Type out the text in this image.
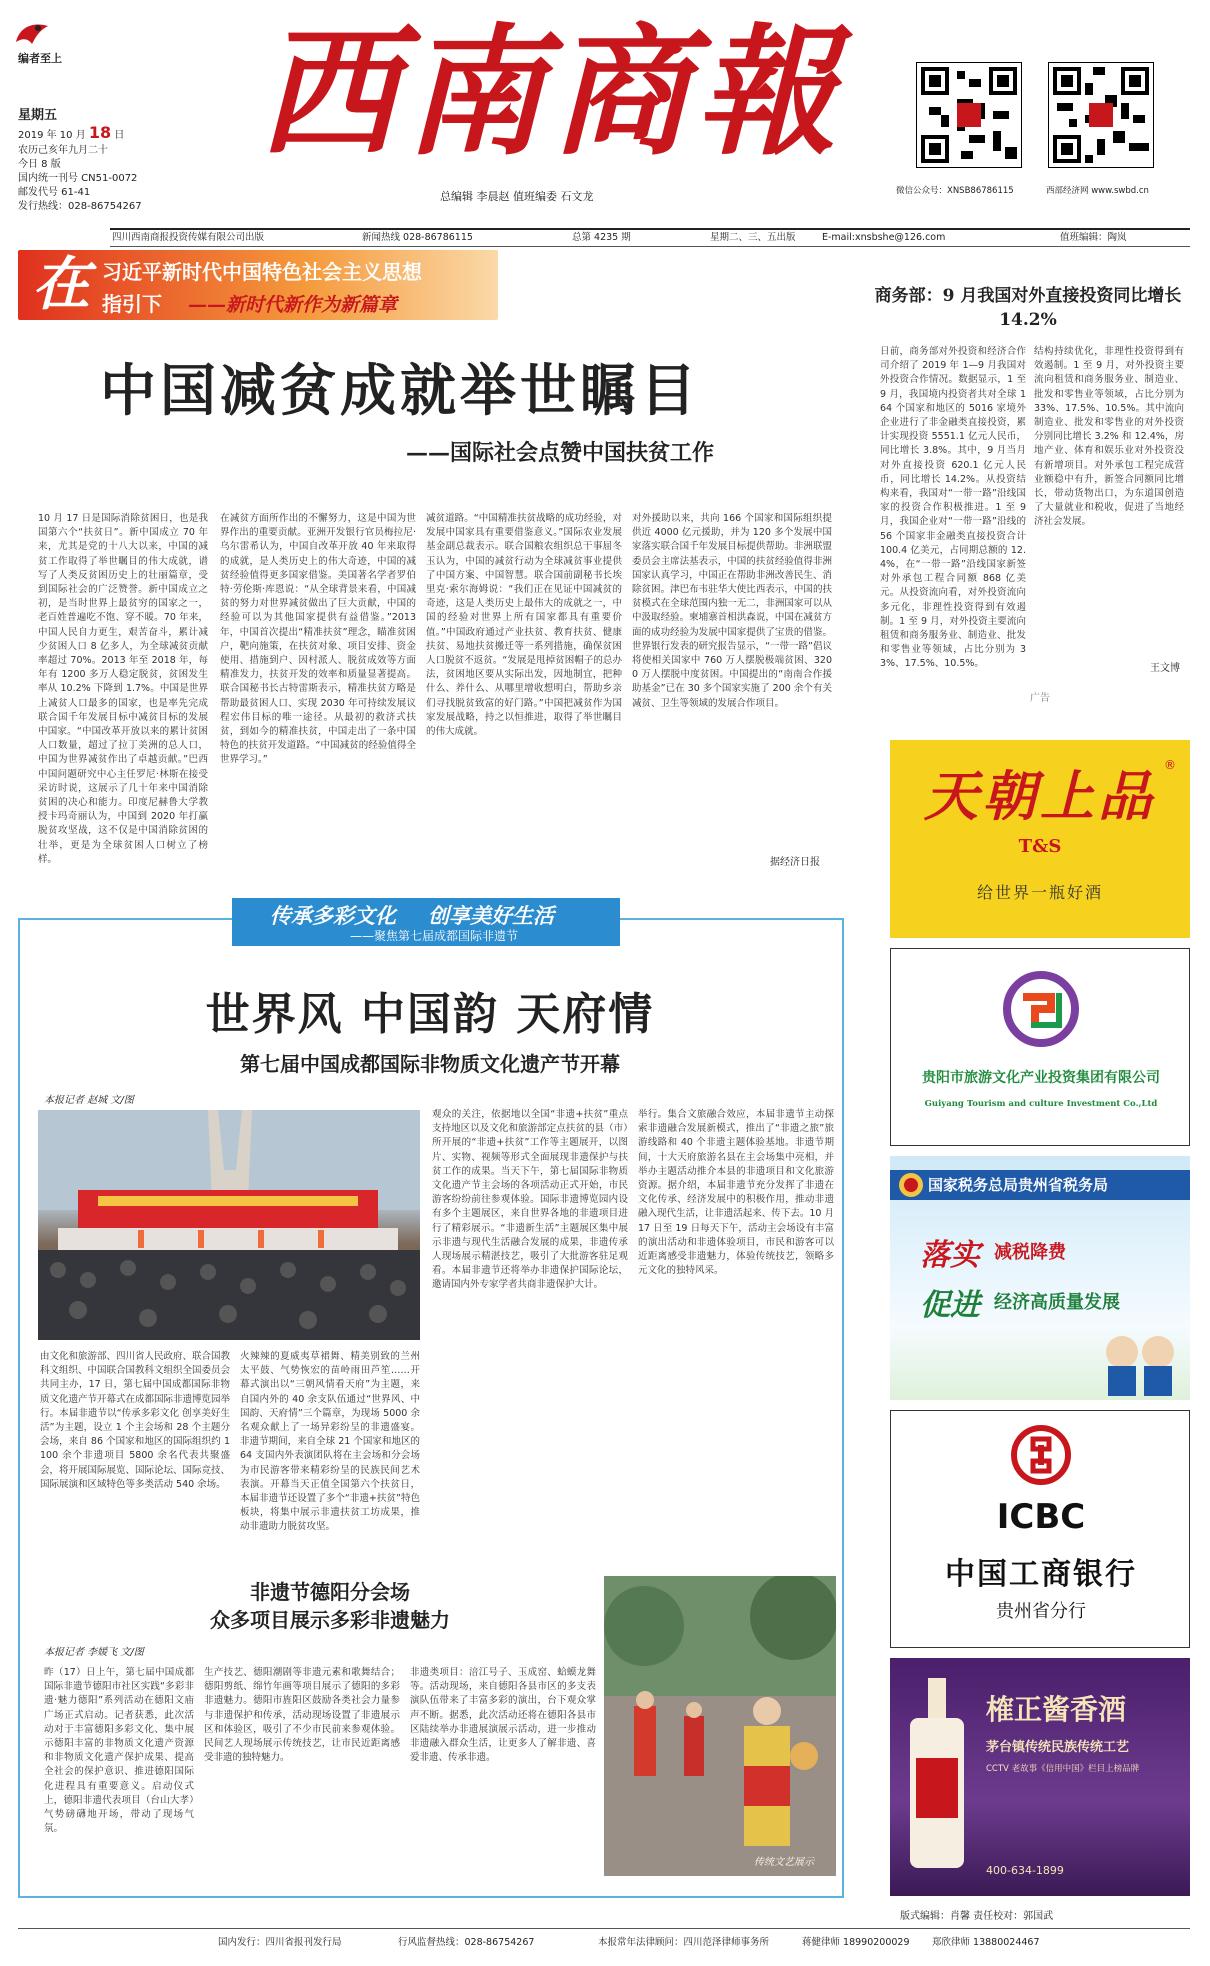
编者至上
星期五
2019 年 10 月 18 日
农历己亥年九月二十
今日 8 版
国内统一刊号 CN51-0072
邮发代号 61-41
发行热线：028-86754267
西南商報
总编辑 李晨赵 值班编委 石文龙	微信公众号：XNSB86786115	西部经济网 www.swbd.cn
四川西南商报投资传媒有限公司出版	新闻热线 028-86786115	总第 4235 期	星期二、三、五出版	E-mail:xnsbshe@126.com	值班编辑：陶岚
在 习近平新时代中国特色社会主义思想
指引下 ——新时代新作为新篇章
中国减贫成就举世瞩目
——国际社会点赞中国扶贫工作
10 月 17 日是国际消除贫困日，也是我国第六个“扶贫日”。新中国成立 70 年来，尤其是党的十八大以来，中国的减贫工作取得了举世瞩目的伟大成就，谱写了人类反贫困历史上的壮丽篇章，受到国际社会的广泛赞誉。新中国成立之初，是当时世界上最贫穷的国家之一，老百姓普遍吃不饱、穿不暖。70 年来，中国人民自力更生，艰苦奋斗，累计减少贫困人口 8 亿多人，为全球减贫贡献率超过 70%。2013 年至 2018 年，每年有 1200 多万人稳定脱贫，贫困发生率从 10.2% 下降到 1.7%。中国是世界上减贫人口最多的国家，也是率先完成联合国千年发展目标中减贫目标的发展中国家。“中国改革开放以来的累计贫困人口数量，超过了拉丁美洲的总人口，中国为世界减贫作出了卓越贡献。”巴西中国问题研究中心主任罗尼·林斯在接受采访时说，这展示了几十年来中国消除贫困的决心和能力。印度尼赫鲁大学教授卡玛奇丽认为，中国到 2020 年打赢脱贫攻坚战，这不仅是中国消除贫困的壮举，更是为全球贫困人口树立了榜样。
在减贫方面所作出的不懈努力，这是中国为世界作出的重要贡献。亚洲开发银行官员梅拉尼·乌尔雷希认为，中国自改革开放 40 年来取得的成就，是人类历史上的伟大奇迹，中国的减贫经验值得更多国家借鉴。美国著名学者罗伯特·劳伦斯·库恩说：“从全球背景来看，中国减贫的努力对世界减贫做出了巨大贡献，中国的经验可以为其他国家提供有益借鉴。”2013 年，中国首次提出“精准扶贫”理念，瞄准贫困户，靶向施策，在扶贫对象、项目安排、资金使用、措施到户、因村派人、脱贫成效等方面精准发力，扶贫开发的效率和质量显著提高。联合国秘书长古特雷斯表示，精准扶贫方略是帮助最贫困人口、实现 2030 年可持续发展议程宏伟目标的唯一途径。从最初的救济式扶贫，到如今的精准扶贫，中国走出了一条中国特色的扶贫开发道路。“中国减贫的经验值得全世界学习。”
减贫道路。“中国精准扶贫战略的成功经验，对发展中国家具有重要借鉴意义。”国际农业发展基金副总裁表示。联合国粮农组织总干事屈冬玉认为，中国的减贫行动为全球减贫事业提供了中国方案、中国智慧。联合国前副秘书长埃里克·索尔海姆说：“我们正在见证中国减贫的奇迹，这是人类历史上最伟大的成就之一，中国的经验对世界上所有国家都具有重要价值。”中国政府通过产业扶贫、教育扶贫、健康扶贫、易地扶贫搬迁等一系列措施，确保贫困人口脱贫不返贫。“发展是甩掉贫困帽子的总办法，贫困地区要从实际出发，因地制宜，把种什么、养什么、从哪里增收想明白，帮助乡亲们寻找脱贫致富的好门路。”中国把减贫作为国家发展战略，持之以恒推进，取得了举世瞩目的伟大成就。
对外援助以来，共向 166 个国家和国际组织提供近 4000 亿元援助，并为 120 多个发展中国家落实联合国千年发展目标提供帮助。非洲联盟委员会主席法基表示，中国的扶贫经验值得非洲国家认真学习，中国正在帮助非洲改善民生、消除贫困。津巴布韦驻华大使比西表示，中国的扶贫模式在全球范围内独一无二，非洲国家可以从中汲取经验。柬埔寨首相洪森说，中国在减贫方面的成功经验为发展中国家提供了宝贵的借鉴。世界银行发表的研究报告显示，“一带一路”倡议将使相关国家中 760 万人摆脱极端贫困、3200 万人摆脱中度贫困。中国提出的“南南合作援助基金”已在 30 多个国家实施了 200 余个有关减贫、卫生等领域的发展合作项目。
据经济日报
商务部：9 月我国对外直接投资同比增长 14.2%
日前，商务部对外投资和经济合作司介绍了 2019 年 1—9 月我国对外投资合作情况。数据显示，1 至 9 月，我国境内投资者共对全球 164 个国家和地区的 5016 家境外企业进行了非金融类直接投资，累计实现投资 5551.1 亿元人民币，同比增长 3.8%。其中，9 月当月对外直接投资 620.1 亿元人民币，同比增长 14.2%。从投资结构来看，我国对“一带一路”沿线国家的投资合作积极推进。1 至 9 月，我国企业对“一带一路”沿线的 56 个国家非金融类直接投资合计 100.4 亿美元，占同期总额的 12.4%，在“一带一路”沿线国家新签对外承包工程合同额 868 亿美元。从投资流向看，对外投资流向多元化，非理性投资得到有效遏制。1 至 9 月，对外投资主要流向租赁和商务服务业、制造业、批发和零售业等领域，占比分别为 33%、17.5%、10.5%。
结构持续优化，非理性投资得到有效遏制。1 至 9 月，对外投资主要流向租赁和商务服务业、制造业、批发和零售业等领域，占比分别为 33%、17.5%、10.5%。其中流向制造业、批发和零售业的对外投资分别同比增长 3.2% 和 12.4%，房地产业、体育和娱乐业对外投资没有新增项目。对外承包工程完成营业额稳中有升，新签合同额同比增长，带动货物出口，为东道国创造了大量就业和税收，促进了当地经济社会发展。
王文博
广告
传承多彩文化 创享美好生活
——聚焦第七届成都国际非遗节
世界风 中国韵 天府情
第七届中国成都国际非物质文化遗产节开幕
本报记者 赵城 文/图
由文化和旅游部、四川省人民政府、联合国教科文组织、中国联合国教科文组织全国委员会共同主办，17 日，第七届中国成都国际非物质文化遗产节开幕式在成都国际非遗博览园举行。本届非遗节以“传承多彩文化 创享美好生活”为主题，设立 1 个主会场和 28 个主题分会场，来自 86 个国家和地区的国际组织约 1100 余个非遗项目 5800 余名代表共聚盛会，将开展国际展览、国际论坛、国际竞技、国际展演和区域特色等多类活动 540 余场。
火辣辣的夏威夷草裙舞、精美别致的兰州太平鼓、气势恢宏的苗岭雨田芦笙……开幕式演出以“三朝风情看天府”为主题，来自国内外的 40 余支队伍通过“世界风、中国韵、天府情”三个篇章，为现场 5000 余名观众献上了一场异彩纷呈的非遗盛宴。非遗节期间，来自全球 21 个国家和地区的 64 支国内外表演团队将在主会场和分会场为市民游客带来精彩纷呈的民族民间艺术表演。开幕当天正值全国第六个扶贫日，本届非遗节还设置了多个“非遗+扶贫”特色板块，将集中展示非遗扶贫工坊成果，推动非遗助力脱贫攻坚。
观众的关注，依据地以全国“非遗+扶贫”重点支持地区以及文化和旅游部定点扶贫的县（市）所开展的“非遗+扶贫”工作等主题展开，以图片、实物、视频等形式全面展现非遗保护与扶贫工作的成果。当天下午，第七届国际非物质文化遗产节主会场的各项活动正式开始，市民游客纷纷前往参观体验。国际非遗博览园内设有多个主题展区，来自世界各地的非遗项目进行了精彩展示。“非遗新生活”主题展区集中展示非遗与现代生活融合发展的成果，非遗传承人现场展示精湛技艺，吸引了大批游客驻足观看。本届非遗节还将举办非遗保护国际论坛，邀请国内外专家学者共商非遗保护大计。
举行。集合文旅融合效应，本届非遗节主动探索非遗融合发展新模式，推出了“非遗之旅”旅游线路和 40 个非遗主题体验基地。非遗节期间，十大天府旅游名县在主会场集中亮相，并举办主题活动推介本县的非遗项目和文化旅游资源。据介绍，本届非遗节充分发挥了非遗在文化传承、经济发展中的积极作用，推动非遗融入现代生活，让非遗活起来、传下去。10 月 17 日至 19 日每天下午，活动主会场设有丰富的演出活动和非遗体验项目，市民和游客可以近距离感受非遗魅力，体验传统技艺，领略多元文化的独特风采。
非遗节德阳分会场
众多项目展示多彩非遗魅力
本报记者 李媛飞 文/图
昨（17）日上午，第七届中国成都国际非遗节德阳市社区实践“多彩非遗·魅力德阳”系列活动在德阳文庙广场正式启动。记者获悉，此次活动对于丰富德阳多彩文化、集中展示德阳丰富的非物质文化遗产资源和非物质文化遗产保护成果、提高全社会的保护意识、推进德阳国际化进程具有重要意义。启动仪式上，德阳非遗代表项目（台山大孝）气势磅礴地开场，带动了现场气氛。
生产技艺、德阳潮剧等非遗元素和歌舞结合；德阳剪纸、绵竹年画等项目展示了德阳的多彩非遗魅力。德阳市旌阳区鼓励各类社会力量参与非遗保护和传承，活动现场设置了非遗展示区和体验区，吸引了不少市民前来参观体验。民间艺人现场展示传统技艺，让市民近距离感受非遗的独特魅力。
非遗类项目：涪江号子、玉成窑、蛤蟆龙舞等。活动现场，来自德阳各县市区的多支表演队伍带来了丰富多彩的演出，台下观众掌声不断。据悉，此次活动还将在德阳各县市区陆续举办非遗展演展示活动，进一步推动非遗融入群众生活，让更多人了解非遗、喜爱非遗、传承非遗。
传统文艺展示
天朝上品 ®
T&S
给世界一瓶好酒
贵阳市旅游文化产业投资集团有限公司
Guiyang Tourism and culture Investment Co.,Ltd
国家税务总局贵州省税务局
落实 减税降费
促进 经济高质量发展
ICBC
中国工商银行
贵州省分行
榷正酱香酒
茅台镇传统民族传统工艺
CCTV 老故事《信用中国》栏目上榜品牌
400-634-1899
版式编辑：肖馨 责任校对：郭国武
国内发行：四川省报刊发行局	行风监督热线：028-86754267	本报常年法律顾问：四川范泽律师事务所	蒋健律师 18990200029 郑欣律师 13880024467
